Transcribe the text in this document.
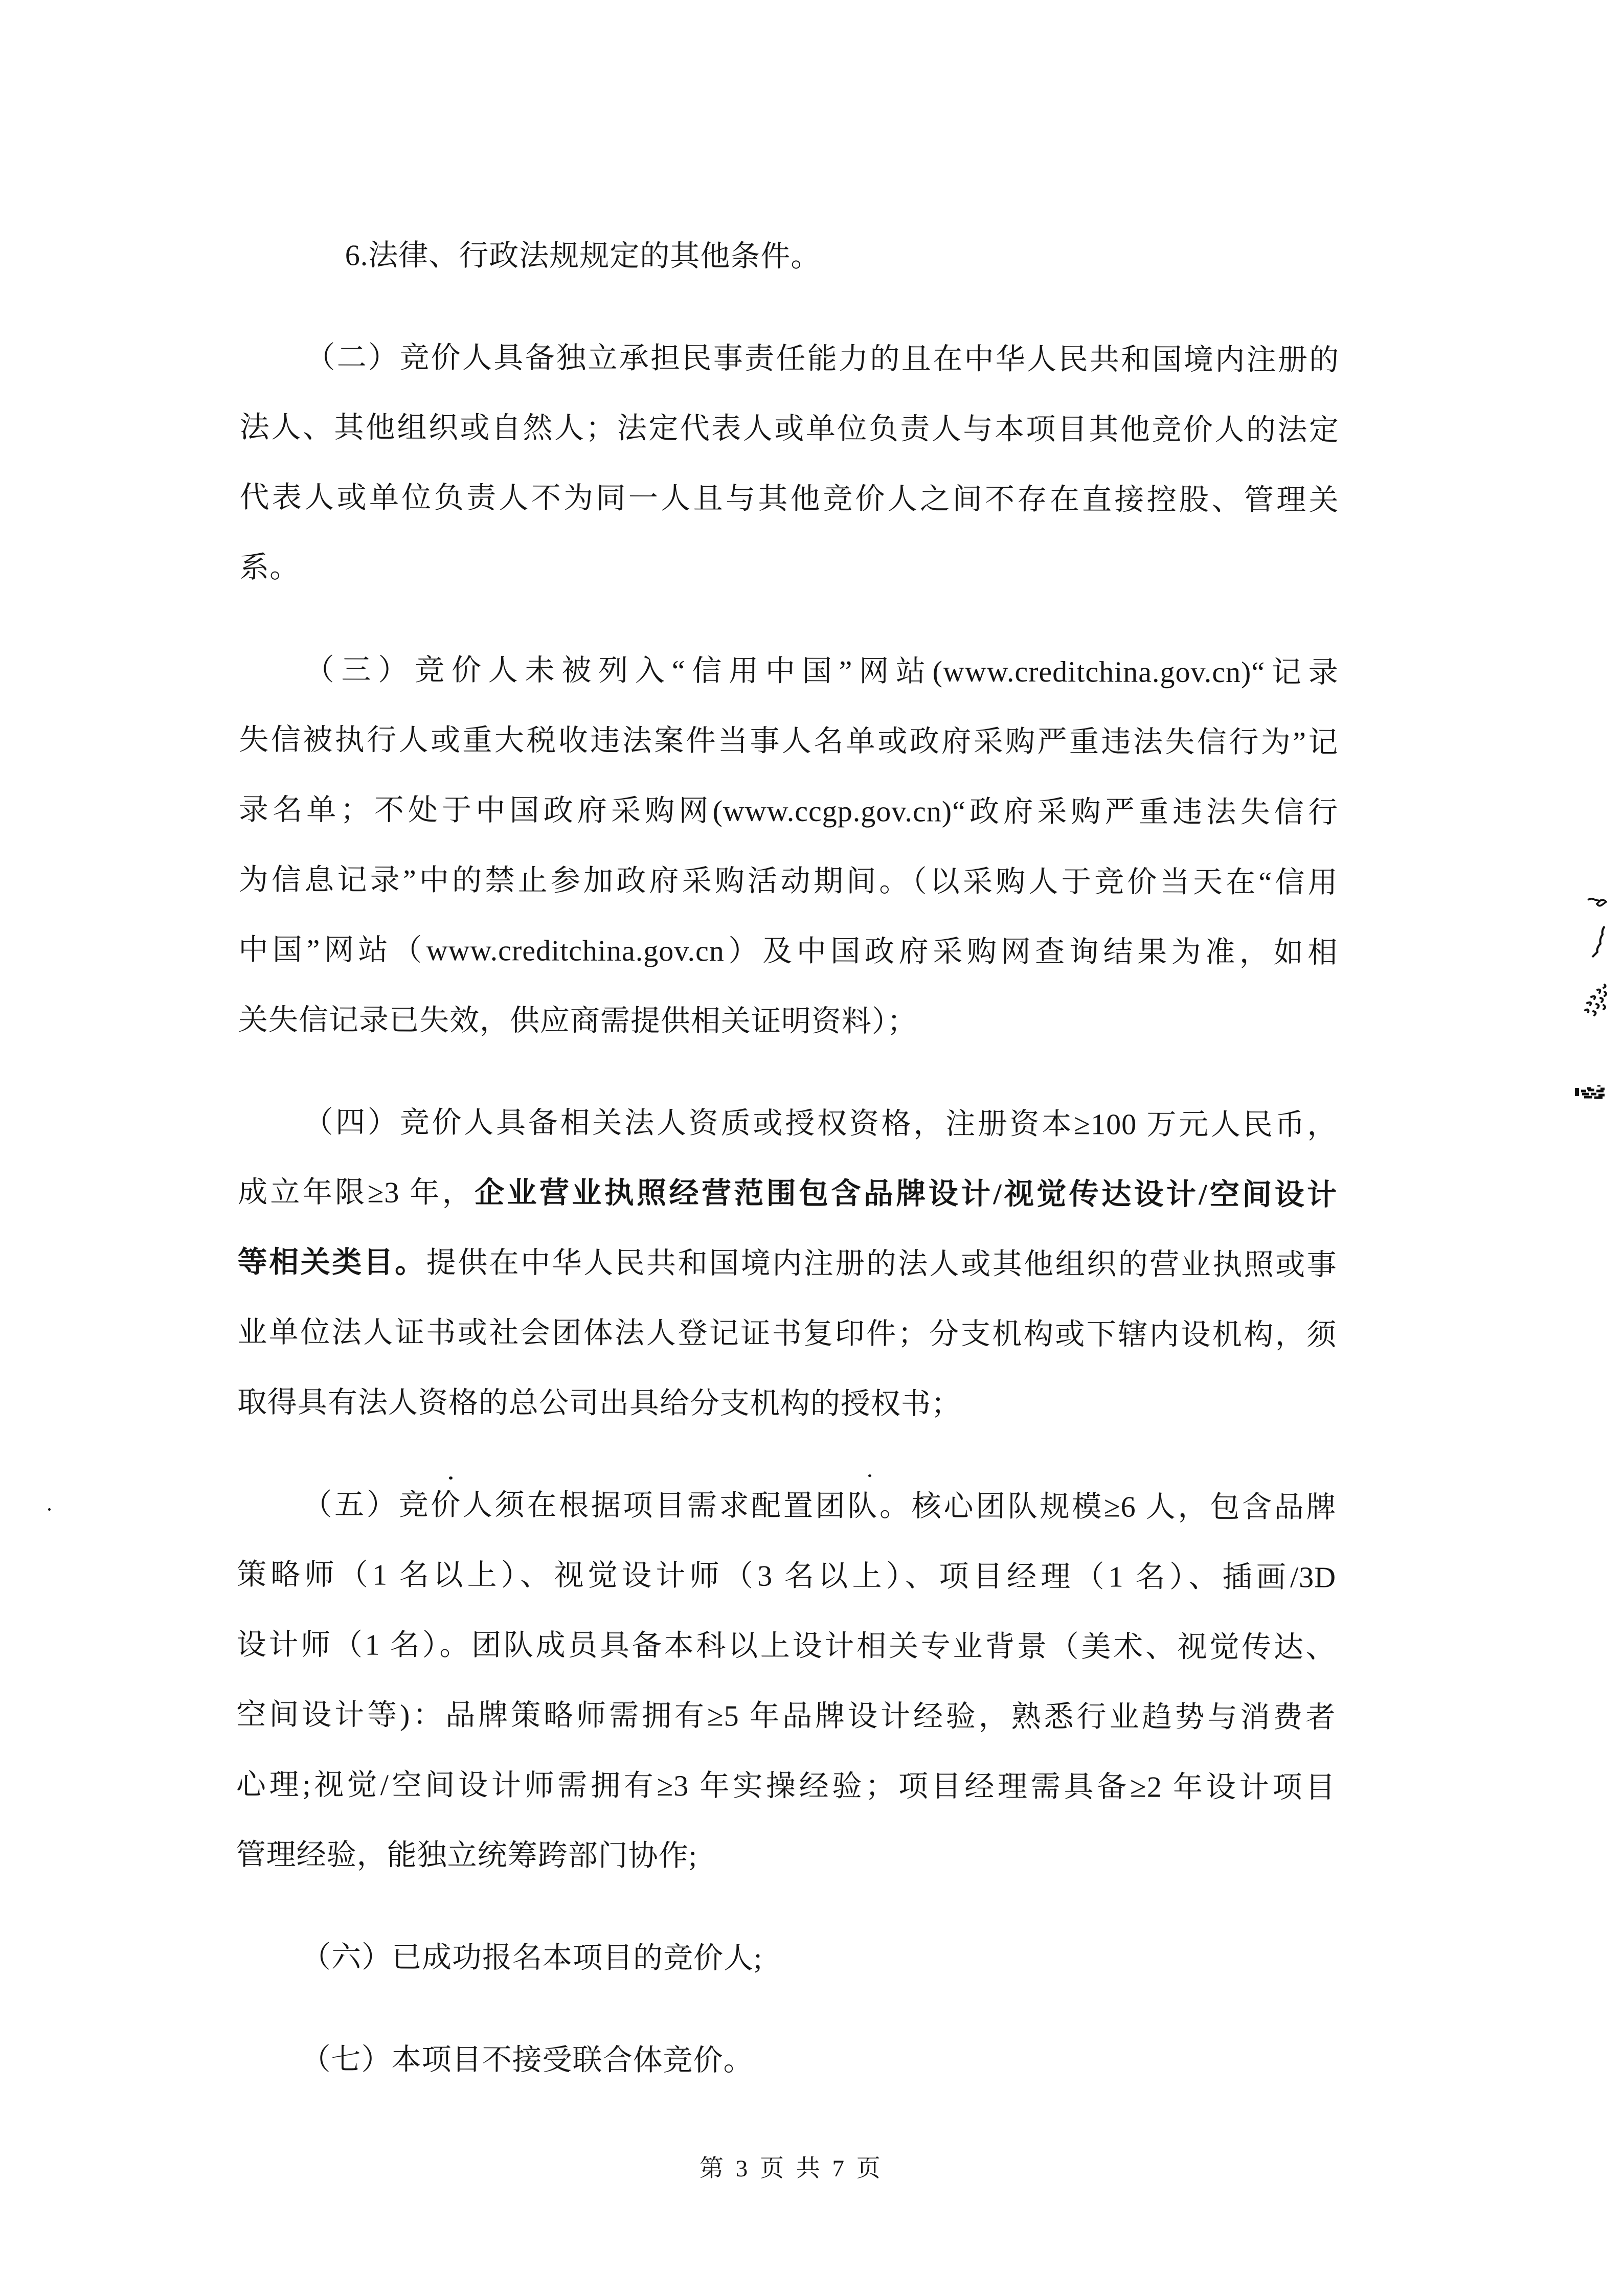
6.法律、行政法规规定的其他条件。

（二）竞价人具备独立承担民事责任能力的且在中华人民共和国境内注册的
法人、其他组织或自然人；法定代表人或单位负责人与本项目其他竞价人的法定
代表人或单位负责人不为同一人且与其他竞价人之间不存在直接控股、管理关
系。

（三）竞价人未被列入“信用中国”网站(www.creditchina.gov.cn)“记录
失信被执行人或重大税收违法案件当事人名单或政府采购严重违法失信行为”记
录名单；不处于中国政府采购网(www.ccgp.gov.cn)“政府采购严重违法失信行
为信息记录”中的禁止参加政府采购活动期间。（以采购人于竞价当天在“信用
中国”网站（www.creditchina.gov.cn）及中国政府采购网查询结果为准，如相
关失信记录已失效，供应商需提供相关证明资料）；

（四）竞价人具备相关法人资质或授权资格，注册资本≥100 万元人民币，
成立年限≥3 年，企业营业执照经营范围包含品牌设计/视觉传达设计/空间设计
等相关类目。提供在中华人民共和国境内注册的法人或其他组织的营业执照或事
业单位法人证书或社会团体法人登记证书复印件；分支机构或下辖内设机构，须
取得具有法人资格的总公司出具给分支机构的授权书；

（五）竞价人须在根据项目需求配置团队。核心团队规模≥6 人，包含品牌
策略师（1 名以上）、视觉设计师（3 名以上）、项目经理（1 名）、插画/3D
设计师（1 名）。团队成员具备本科以上设计相关专业背景（美术、视觉传达、
空间设计等)：品牌策略师需拥有≥5 年品牌设计经验，熟悉行业趋势与消费者
心理;视觉/空间设计师需拥有≥3 年实操经验；项目经理需具备≥2 年设计项目
管理经验，能独立统筹跨部门协作;

（六）已成功报名本项目的竞价人;

（七）本项目不接受联合体竞价。

第 3 页 共 7 页
